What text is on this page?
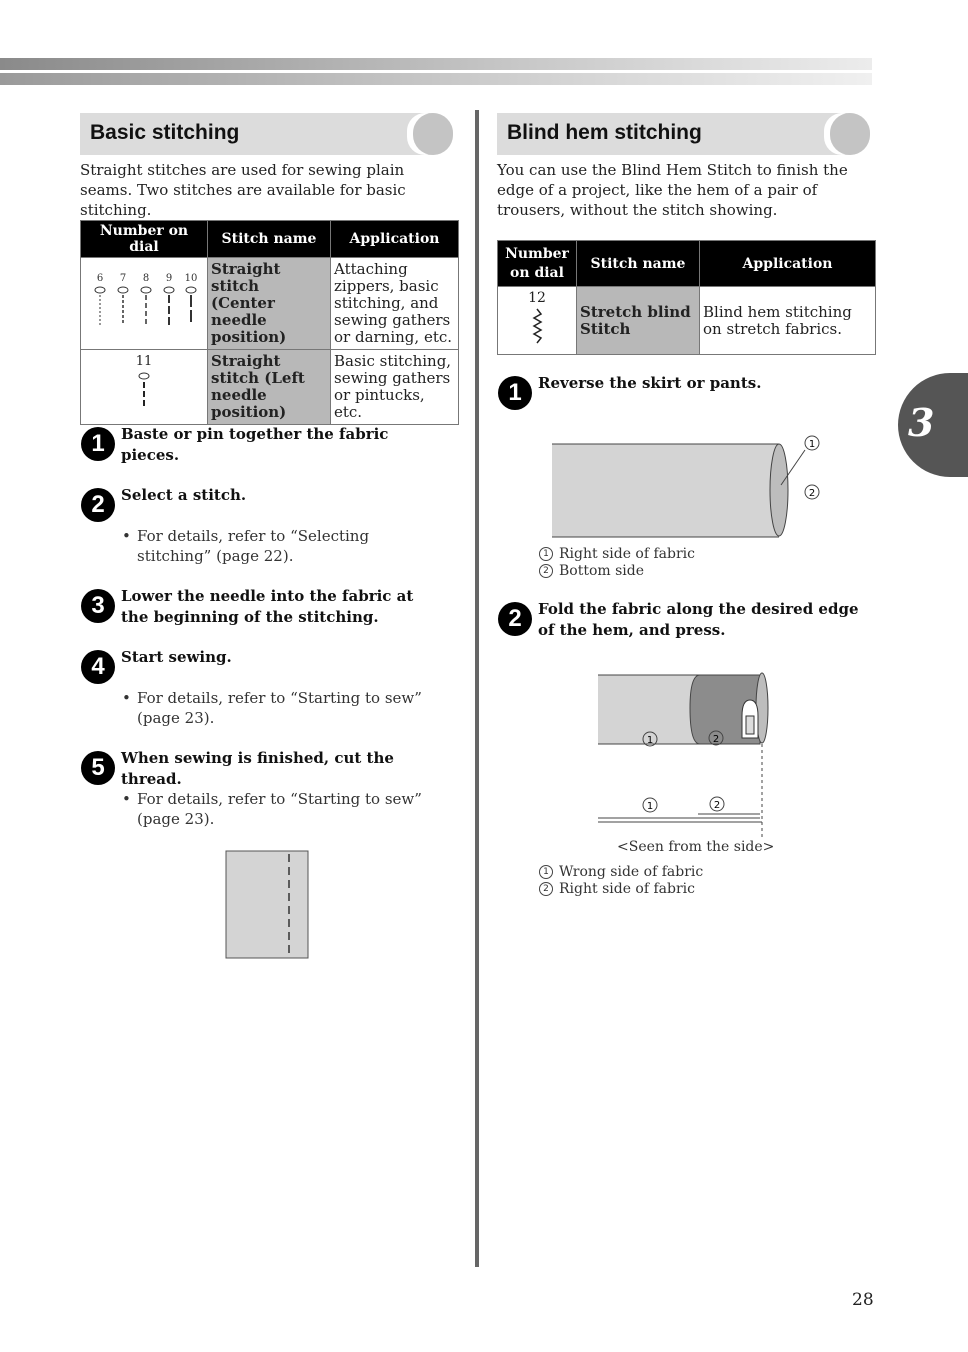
3
Basic stitching
Straight stitches are used for sewing plain seams. Two stitches are available for basic stitching.
Number on dial	Stitch name	Application

6 7 8 9 10	Straight stitch (Center needle position)	Attaching zippers, basic stitching, and sewing gathers or darning, etc.

11	Straight stitch (Left needle position)	Basic stitching, sewing gathers or pintucks, etc.
1	Baste or pin together the fabric pieces.
2	Select a stitch.
• For details, refer to “Selecting stitching” (page 22).
3	Lower the needle into the fabric at the beginning of the stitching.
4	Start sewing.
• For details, refer to “Starting to sew” (page 23).
5	When sewing is finished, cut the thread.
• For details, refer to “Starting to sew” (page 23).
Blind hem stitching
You can use the Blind Hem Stitch to finish the edge of a project, like the hem of a pair of trousers, without the stitch showing.
Number on dial	Stitch name	Application

12	Stretch blind Stitch	Blind hem stitching on stretch fabrics.
1	Reverse the skirt or pants.
1
2
1 Right side of fabric
2 Bottom side
2	Fold the fabric along the desired edge of the hem, and press.
1	2
1	2
<Seen from the side>
1 Wrong side of fabric
2 Right side of fabric
28
